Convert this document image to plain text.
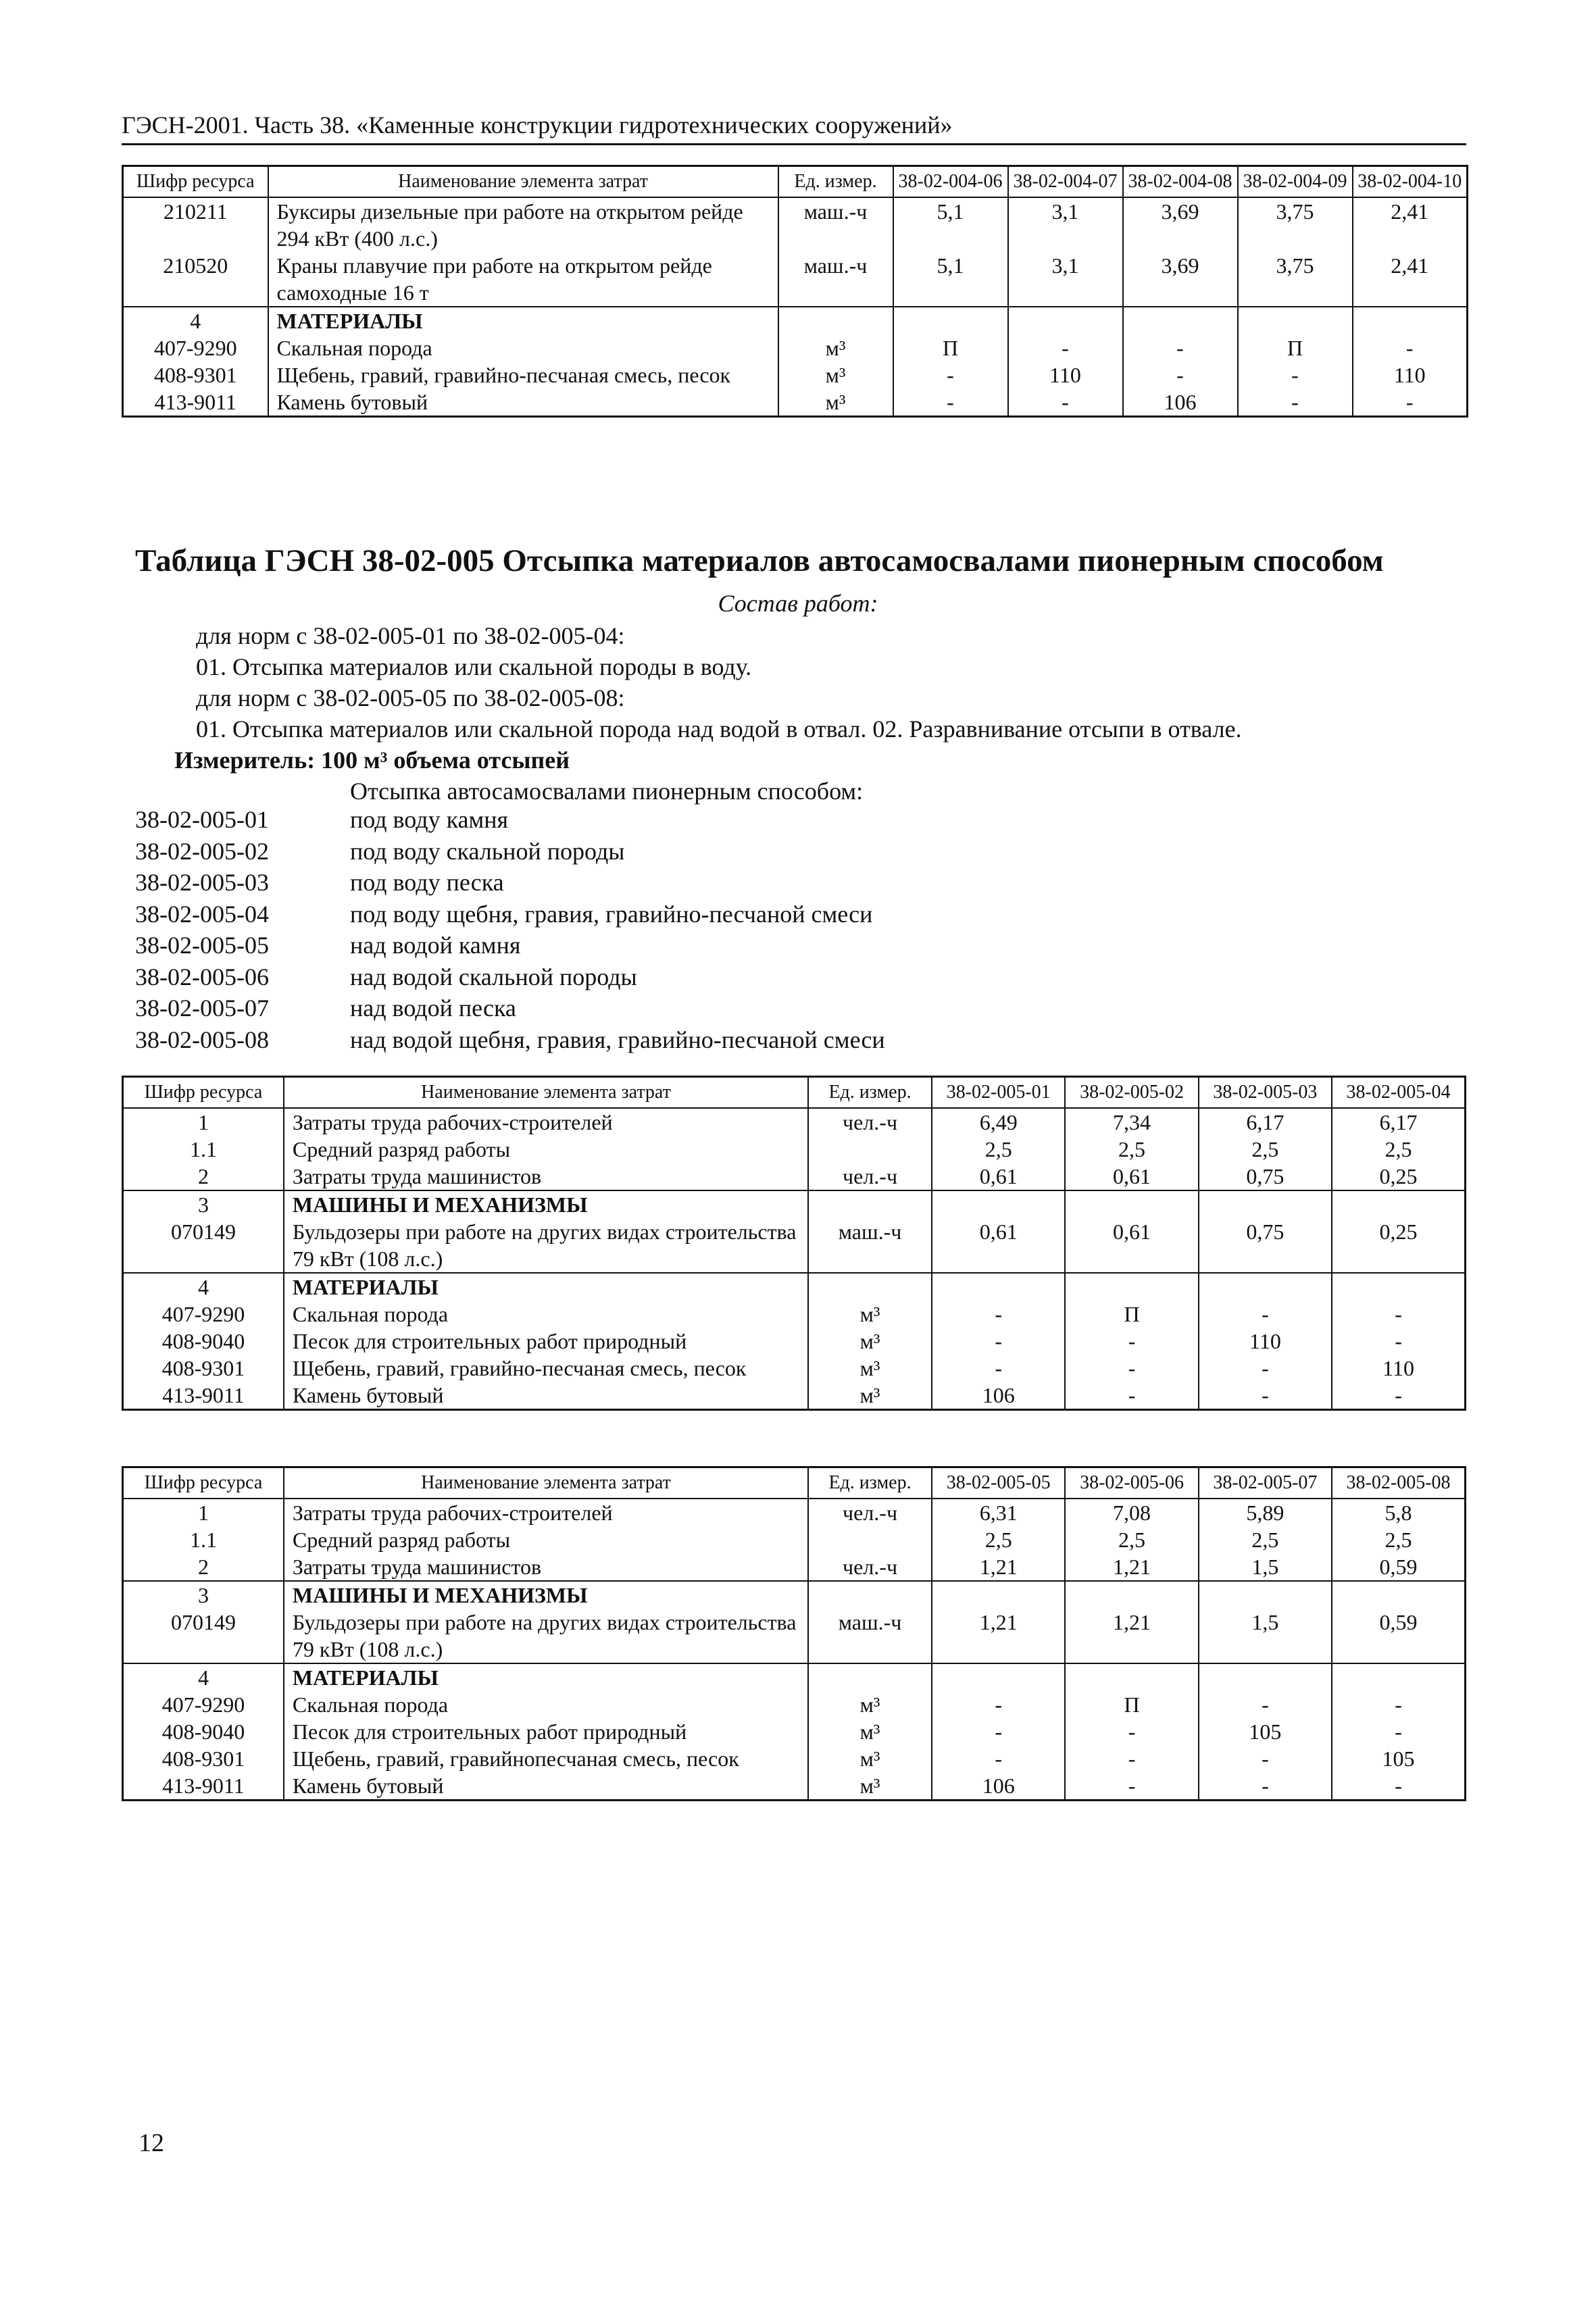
ГЭСН-2001. Часть 38. «Каменные конструкции гидротехнических сооружений»
Шифр ресурса	Наименование элемента затрат	Ед. измер.	38-02-004-06	38-02-004-07	38-02-004-08	38-02-004-09	38-02-004-10
210211	Буксиры дизельные при работе на открытом рейде 294 кВт (400 л.с.)	маш.-ч	5,1	3,1	3,69	3,75	2,41
210520	Краны плавучие при работе на открытом рейде самоходные 16 т	маш.-ч	5,1	3,1	3,69	3,75	2,41
4	МАТЕРИАЛЫ						
407-9290	Скальная порода	м³	П	-	-	П	-
408-9301	Щебень, гравий, гравийно-песчаная смесь, песок	м³	-	110	-	-	110
413-9011	Камень бутовый	м³	-	-	106	-	-
Таблица ГЭСН 38-02-005 Отсыпка материалов автосамосвалами пионерным способом
Состав работ:
для норм с 38-02-005-01 по 38-02-005-04:
01. Отсыпка материалов или скальной породы в воду.
для норм с 38-02-005-05 по 38-02-005-08:
01. Отсыпка материалов или скальной порода над водой в отвал. 02. Разравнивание отсыпи в отвале.
Измеритель: 100 м³ объема отсыпей
Отсыпка автосамосвалами пионерным способом:
38-02-005-01	под воду камня
38-02-005-02	под воду скальной породы
38-02-005-03	под воду песка
38-02-005-04	под воду щебня, гравия, гравийно-песчаной смеси
38-02-005-05	над водой камня
38-02-005-06	над водой скальной породы
38-02-005-07	над водой песка
38-02-005-08	над водой щебня, гравия, гравийно-песчаной смеси
Шифр ресурса	Наименование элемента затрат	Ед. измер.	38-02-005-01	38-02-005-02	38-02-005-03	38-02-005-04
1	Затраты труда рабочих-строителей	чел.-ч	6,49	7,34	6,17	6,17
1.1	Средний разряд работы		2,5	2,5	2,5	2,5
2	Затраты труда машинистов	чел.-ч	0,61	0,61	0,75	0,25
3	МАШИНЫ И МЕХАНИЗМЫ					
070149	Бульдозеры при работе на других видах строительства 79 кВт (108 л.с.)	маш.-ч	0,61	0,61	0,75	0,25
4	МАТЕРИАЛЫ					
407-9290	Скальная порода	м³	-	П	-	-
408-9040	Песок для строительных работ природный	м³	-	-	110	-
408-9301	Щебень, гравий, гравийно-песчаная смесь, песок	м³	-	-	-	110
413-9011	Камень бутовый	м³	106	-	-	-
Шифр ресурса	Наименование элемента затрат	Ед. измер.	38-02-005-05	38-02-005-06	38-02-005-07	38-02-005-08
1	Затраты труда рабочих-строителей	чел.-ч	6,31	7,08	5,89	5,8
1.1	Средний разряд работы		2,5	2,5	2,5	2,5
2	Затраты труда машинистов	чел.-ч	1,21	1,21	1,5	0,59
3	МАШИНЫ И МЕХАНИЗМЫ					
070149	Бульдозеры при работе на других видах строительства 79 кВт (108 л.с.)	маш.-ч	1,21	1,21	1,5	0,59
4	МАТЕРИАЛЫ					
407-9290	Скальная порода	м³	-	П	-	-
408-9040	Песок для строительных работ природный	м³	-	-	105	-
408-9301	Щебень, гравий, гравийнопесчаная смесь, песок	м³	-	-	-	105
413-9011	Камень бутовый	м³	106	-	-	-
12
